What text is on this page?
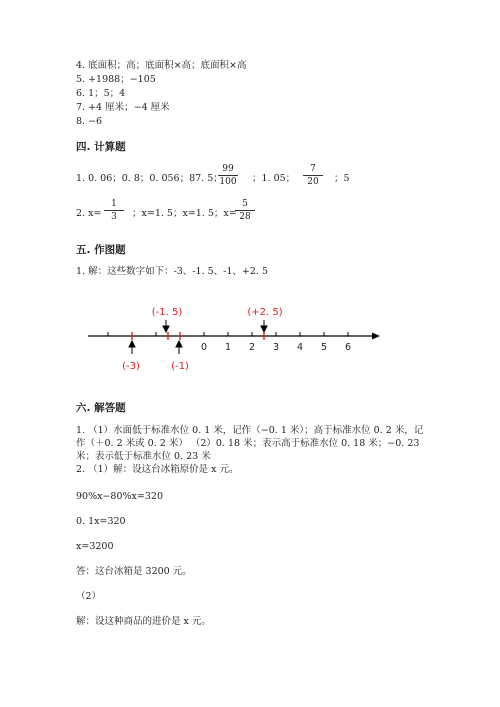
4. 底面积；高；底面积×高；底面积×高
5. +1988；−105
6. 1；5；4
7. +4 厘米；−4 厘米
8. −6
四. 计算题
1. 0. 06；0. 8；0. 056；87. 5；
$\frac{99}{100}$ ；1. 05； $\frac{7}{20}$ ；5
2. $x= \frac{1}{3}$ ；x=1. 5；x=1. 5；x=
$\frac{5}{28}$
五. 作图题
1. 解：这些数字如下：-3、-1. 5、-1、+2. 5
0 1 2 3 4 5 6
(-1. 5)	(+2. 5)
(-3)	(-1)
六. 解答题
1. （1）水面低于标准水位 0. 1 米，记作（−0. 1 米）；高于标准水位 0. 2 米，记
作（＋0. 2 米或 0. 2 米） （2）0. 18 米；表示高于标准水位 0. 18 米；−0. 23
米；表示低于标准水位 0. 23 米
2. （1）解：设这台冰箱原价是 x 元。
90%x−80%x=320
0. 1x=320
x=3200
答：这台冰箱是 3200 元。
（2）
解：设这种商品的进价是 x 元。
